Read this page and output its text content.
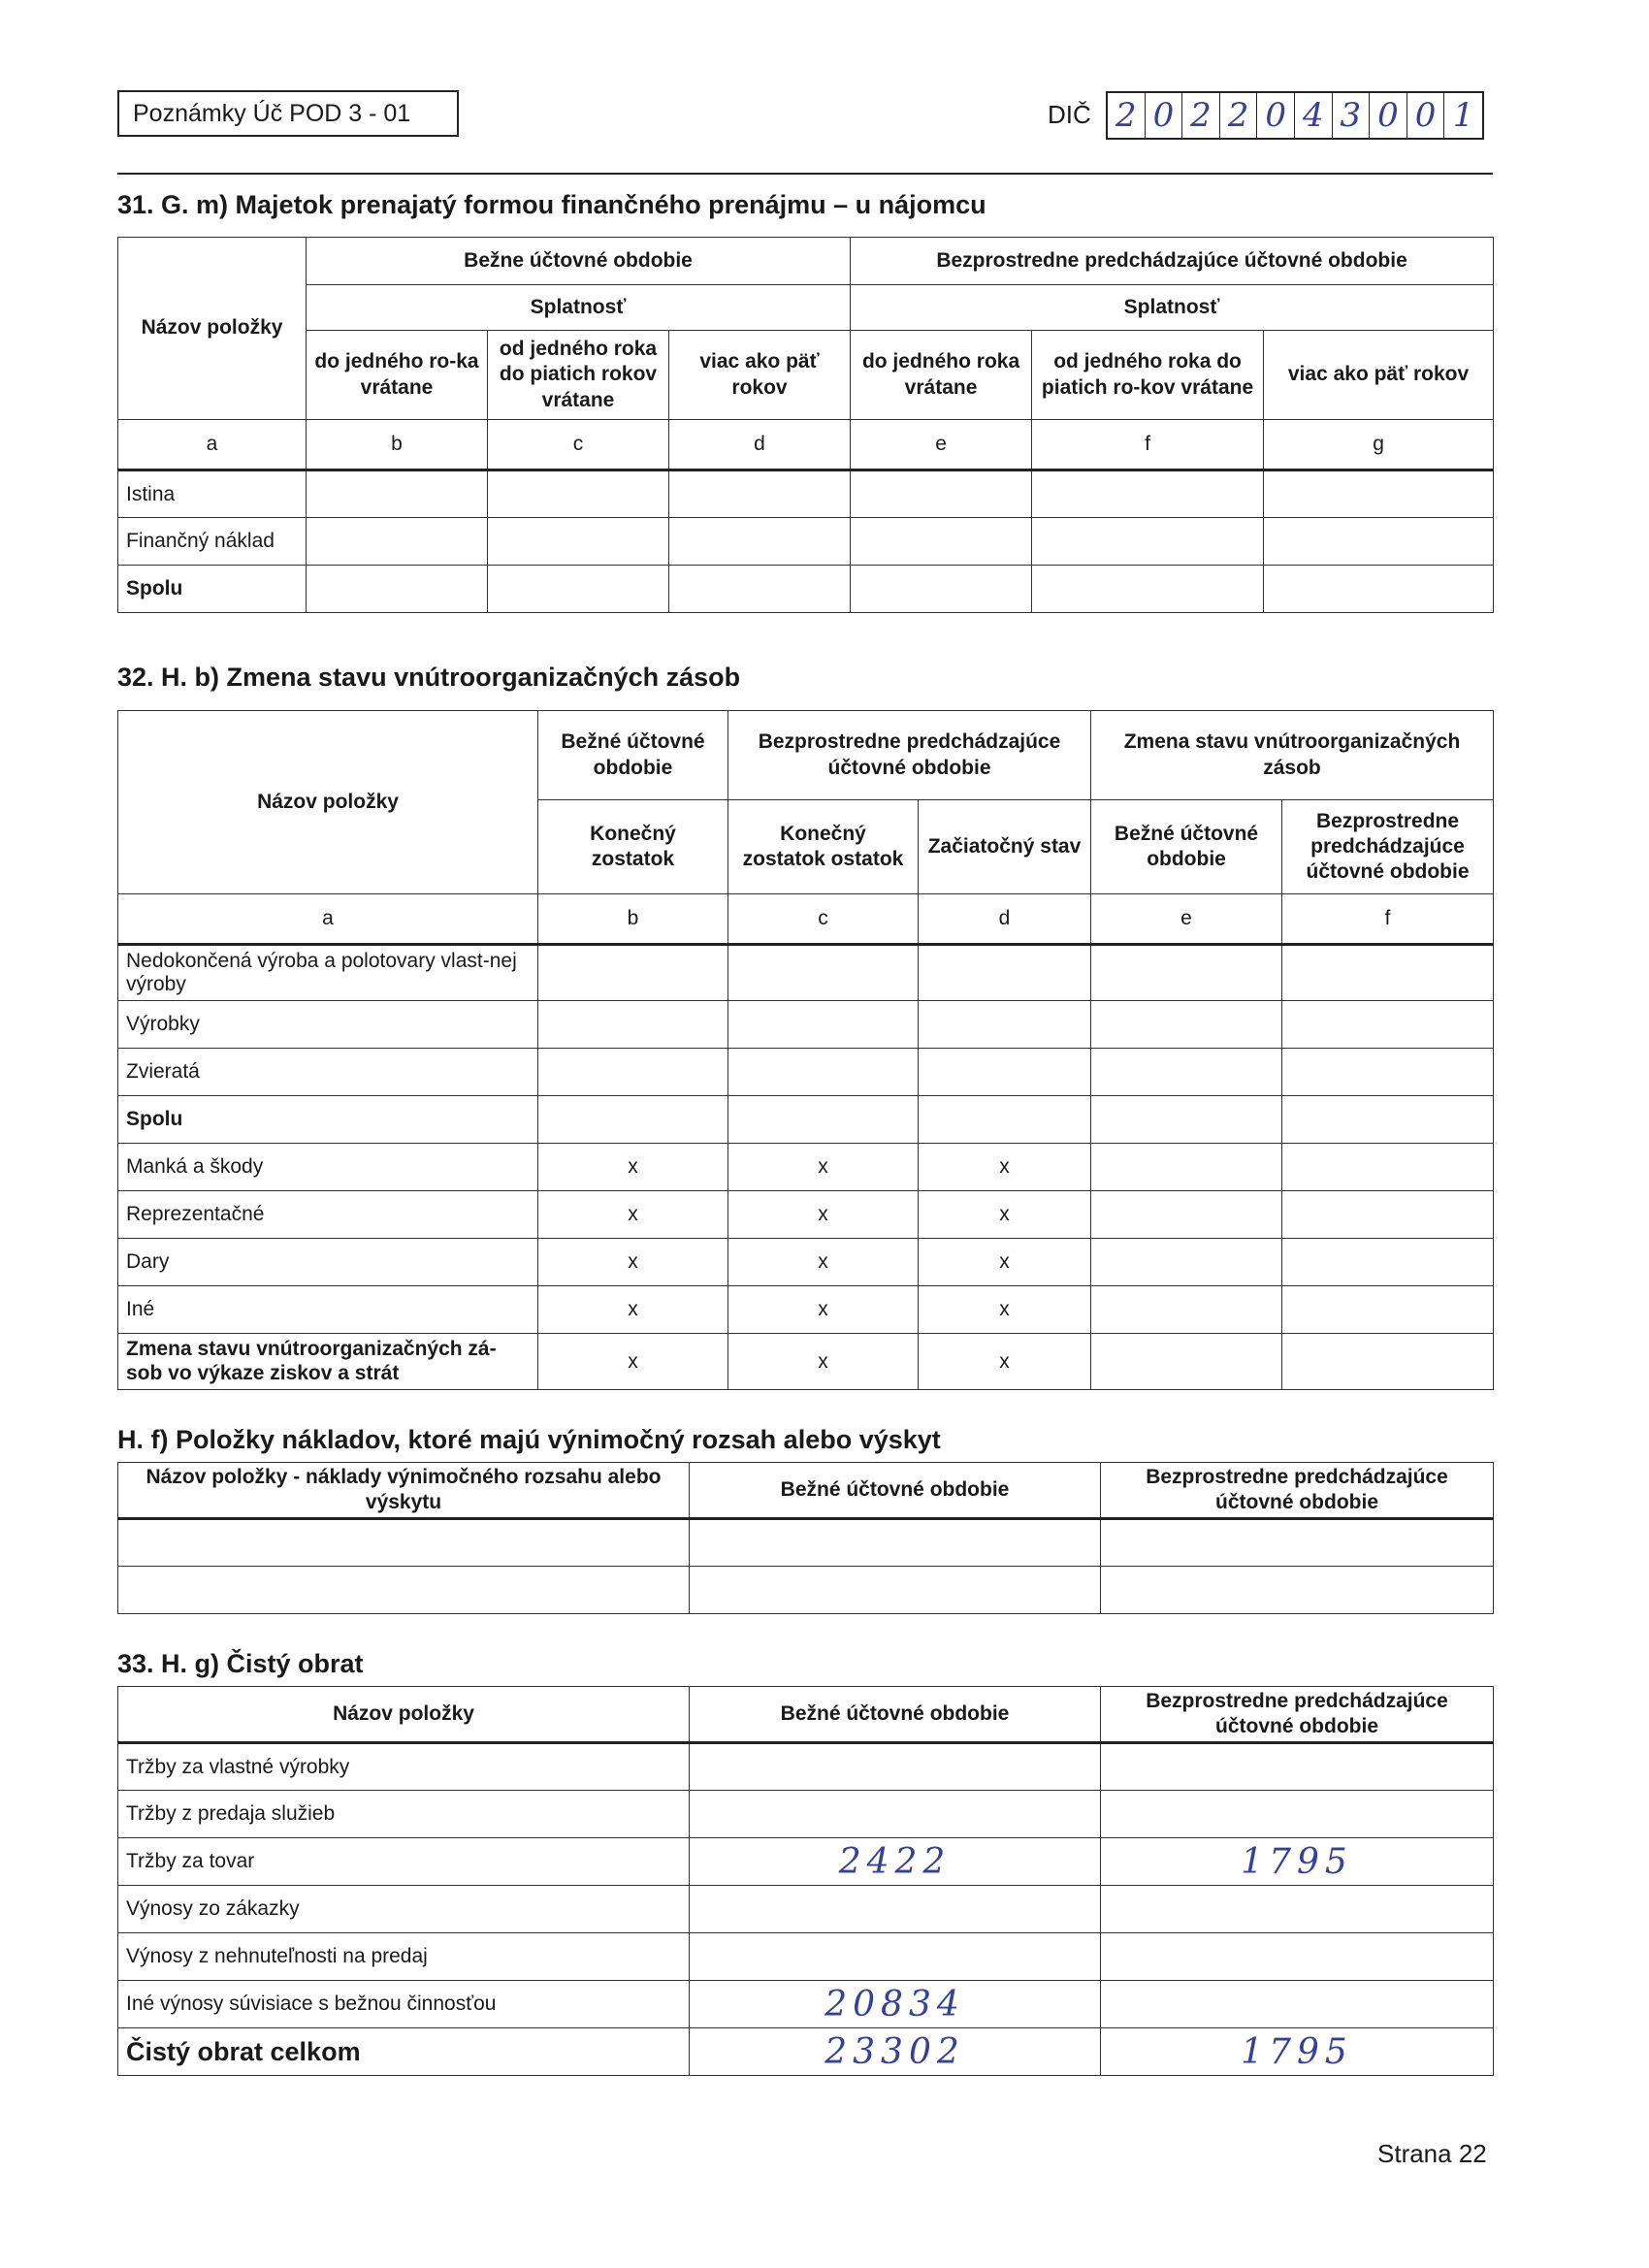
Poznámky Úč POD 3 - 01	DIČ 2 0 2 2 0 4 3 0 0 1
31. G. m) Majetok prenajatý formou finančného prenájmu – u nájomcu
Názov položky	Bežne účtovné obdobie			Bezprostredne predchádzajúce účtovné obdobie		
	Splatnosť			Splatnosť		
	do jedného ro-ka vrátane	od jedného roka do piatich rokov vrátane	viac ako päť rokov	do jedného roka vrátane	od jedného roka do piatich ro-kov vrátane	viac ako päť rokov
a	b	c	d	e	f	g
Istina						
Finančný náklad						
Spolu						
32. H. b) Zmena stavu vnútroorganizačných zásob
Názov položky	Bežné účtovné obdobie	Bezprostredne predchádzajúce účtovné obdobie		Zmena stavu vnútroorganizačných zásob	
	Konečný zostatok	Konečný zostatok ostatok	Začiatočný stav	Bežné účtovné obdobie	Bezprostredne predchádzajúce účtovné obdobie
a	b	c	d	e	f
Nedokončená výroba a polotovary vlast-nej výroby					
Výrobky					
Zvieratá					
Spolu					
Manká a škody	x	x	x		
Reprezentačné	x	x	x		
Dary	x	x	x		
Iné	x	x	x		
Zmena stavu vnútroorganizačných zá-sob vo výkaze ziskov a strát	x	x	x		
H. f) Položky nákladov, ktoré majú výnimočný rozsah alebo výskyt
Názov položky - náklady výnimočného rozsahu alebo výskytu	Bežné účtovné obdobie	Bezprostredne predchádzajúce účtovné obdobie

33. H. g) Čistý obrat
Názov položky	Bežné účtovné obdobie	Bezprostredne predchádzajúce účtovné obdobie
Tržby za vlastné výrobky		
Tržby z predaja služieb		
Tržby za tovar	2422	1795
Výnosy zo zákazky		
Výnosy z nehnuteľnosti na predaj		
Iné výnosy súvisiace s bežnou činnosťou	20834	
Čistý obrat celkom	23302	1795
Strana 22
